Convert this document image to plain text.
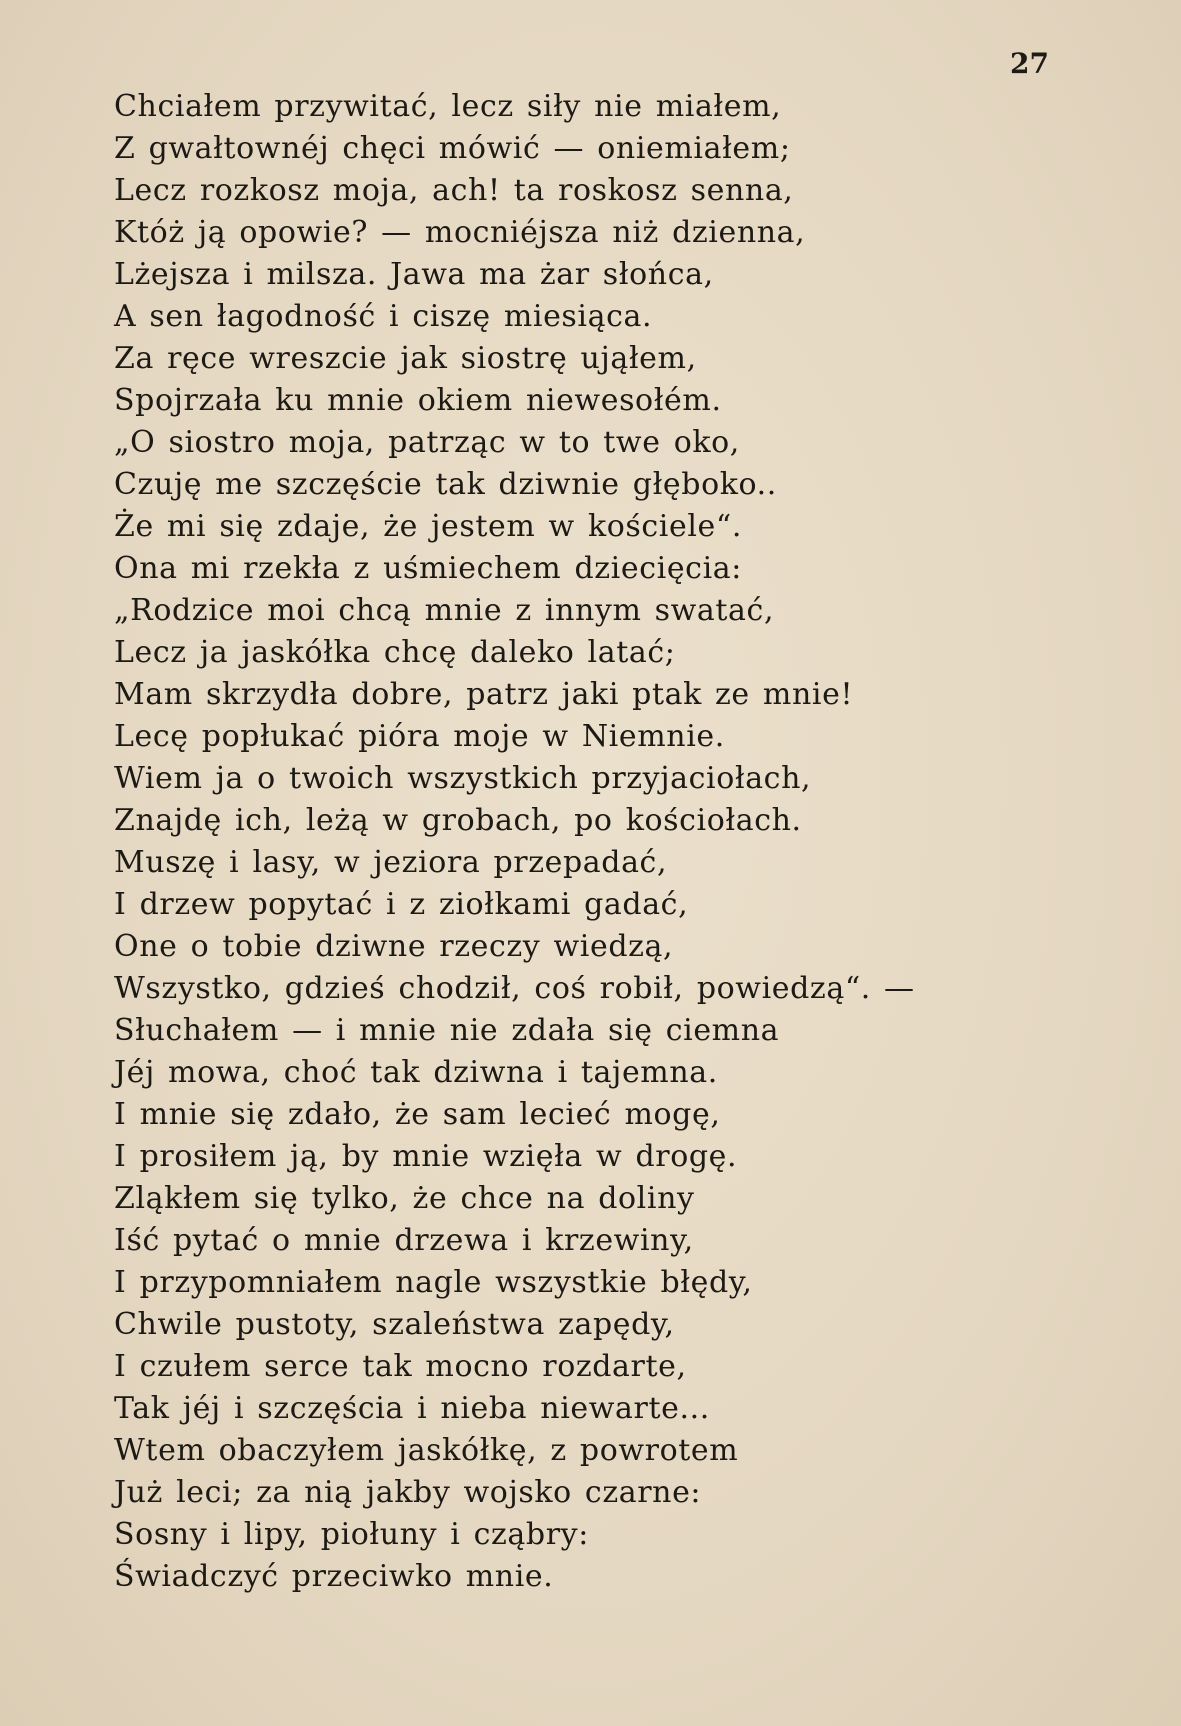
27
Chciałem przywitać, lecz siły nie miałem,
Z gwałtownéj chęci mówić — oniemiałem;
Lecz rozkosz moja, ach! ta roskosz senna,
Któż ją opowie? — mocniéjsza niż dzienna,
Lżejsza i milsza. Jawa ma żar słońca,
A sen łagodność i ciszę miesiąca.
Za ręce wreszcie jak siostrę ująłem,
Spojrzała ku mnie okiem niewesołém.
„O siostro moja, patrząc w to twe oko,
Czuję me szczęście tak dziwnie głęboko..
Że mi się zdaje, że jestem w kościele“.
Ona mi rzekła z uśmiechem dziecięcia:
„Rodzice moi chcą mnie z innym swatać,
Lecz ja jaskółka chcę daleko latać;
Mam skrzydła dobre, patrz jaki ptak ze mnie!
Lecę popłukać pióra moje w Niemnie.
Wiem ja o twoich wszystkich przyjaciołach,
Znajdę ich, leżą w grobach, po kościołach.
Muszę i lasy, w jeziora przepadać,
I drzew popytać i z ziołkami gadać,
One o tobie dziwne rzeczy wiedzą,
Wszystko, gdzieś chodził, coś robił, powiedzą“. —
Słuchałem — i mnie nie zdała się ciemna
Jéj mowa, choć tak dziwna i tajemna.
I mnie się zdało, że sam lecieć mogę,
I prosiłem ją, by mnie wzięła w drogę.
Zląkłem się tylko, że chce na doliny
Iść pytać o mnie drzewa i krzewiny,
I przypomniałem nagle wszystkie błędy,
Chwile pustoty, szaleństwa zapędy,
I czułem serce tak mocno rozdarte,
Tak jéj i szczęścia i nieba niewarte...
Wtem obaczyłem jaskółkę, z powrotem
Już leci; za nią jakby wojsko czarne:
Sosny i lipy, piołuny i cząbry:
Świadczyć przeciwko mnie.
